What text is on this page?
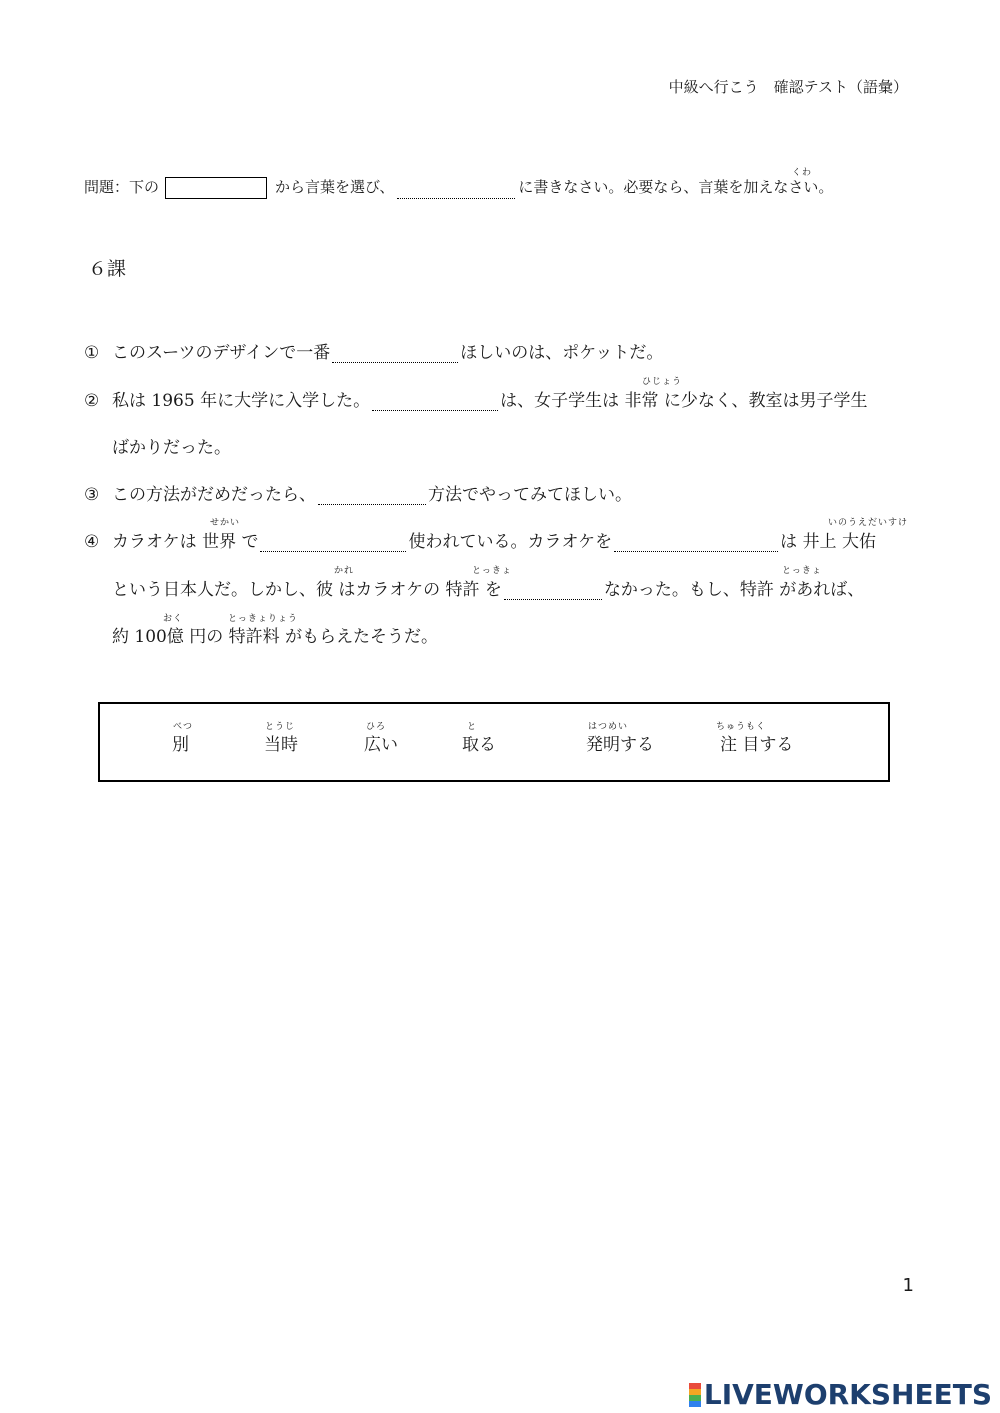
中級へ行こう　確認テスト（語彙）
問題：下の	から言葉を選び、	に書きなさい。必要なら、言葉を加えなさい。
くわ
６課
① このスーツのデザインで一番	ほしいのは、ポケットだ。
ひじょう
② 私は 1965 年に大学に入学した。	は、女子学生は 非常 に少なく、教室は男子学生
ばかりだった。
③ この方法がだめだったら、	方法でやってみてほしい。
せかい	いのうえだいすけ
④ カラオケは 世界 で	使われている。カラオケを	は 井上 大佑
かれ	とっきょ	とっきょ
という日本人だ。しかし、彼 はカラオケの 特許 を	なかった。もし、特許 があれば、
おく	とっきょりょう
約 100億 円の 特許料 がもらえたそうだ。
べつ
別
とうじ
当時
ひろ
広い
と
取る
はつめい
発明する
ちゅうもく
注 目する
1
LIVEWORKSHEETS
